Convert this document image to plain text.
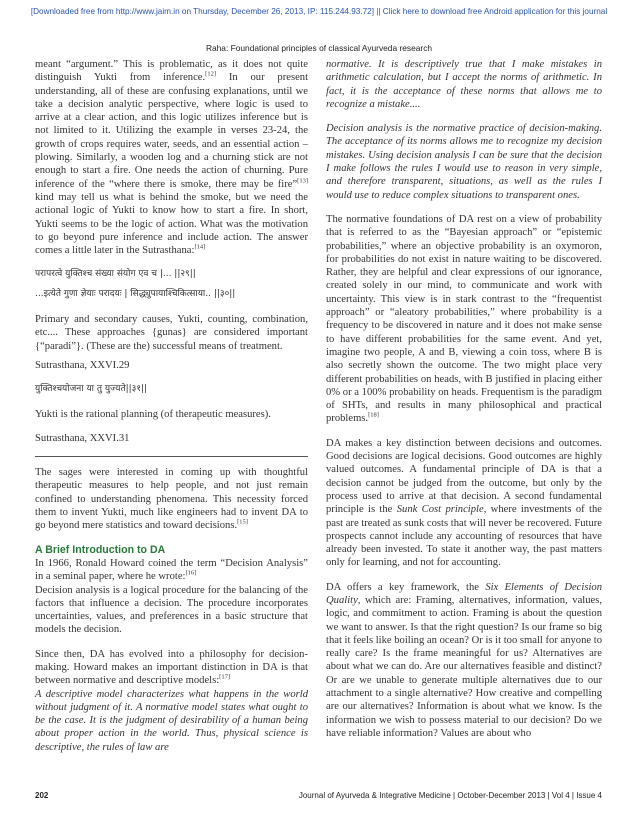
[Downloaded free from http://www.jaim.in on Thursday, December 26, 2013, IP: 115.244.93.72] || Click here to download free Android application for this journal
Raha: Foundational principles of classical Ayurveda research

meant “argument.” This is problematic, as it does not quite distinguish Yukti from inference.[12] In our present understanding, all of these are confusing explanations, until we take a decision analytic perspective, where logic is used to arrive at a clear action, and this logic utilizes inference but is not limited to it. Utilizing the example in verses 23-24, the growth of crops requires water, seeds, and an essential action – plowing. Similarly, a wooden log and a churning stick are not enough to start a fire. One needs the action of churning. Pure inference of the “where there is smoke, there may be fire”[13] kind may tell us what is behind the smoke, but we need the actional logic of Yukti to know how to start a fire. In short, Yukti seems to be the logic of action. What was the motivation to go beyond pure inference and include action. The answer comes a little later in the Sutrasthana:[14]

परापरत्वे युक्तिश्च संख्या संयोग एव च |... ||२९||
...इत्येते गुणा ज्ञेयाः परादयः | सिद्ध्युपायाश्चिकित्साया.. ||३०||

Primary and secondary causes, Yukti, counting, combination, etc.... These approaches {gunas} are considered important {“paradi”}. (These are the) successful means of treatment.

Sutrasthana, XXVI.29

युक्तिश्चयोजना या तु युज्यते||३१||

Yukti is the rational planning (of therapeutic measures).

Sutrasthana, XXVI.31

The sages were interested in coming up with thoughtful therapeutic measures to help people, and not just remain confined to understanding phenomena. This necessity forced them to invent Yukti, much like engineers had to invent DA to go beyond mere statistics and toward decisions.[15]

A Brief Introduction to DA

In 1966, Ronald Howard coined the term “Decision Analysis” in a seminal paper, where he wrote:[16]

Decision analysis is a logical procedure for the balancing of the factors that influence a decision. The procedure incorporates uncertainties, values, and preferences in a basic structure that models the decision.

Since then, DA has evolved into a philosophy for decision-making. Howard makes an important distinction in DA is that between normative and descriptive models:[17]

A descriptive model characterizes what happens in the world without judgment of it. A normative model states what ought to be the case. It is the judgment of desirability of a human being about proper action in the world. Thus, physical science is descriptive, the rules of law are

normative. It is descriptively true that I make mistakes in arithmetic calculation, but I accept the norms of arithmetic. In fact, it is the acceptance of these norms that allows me to recognize a mistake....

Decision analysis is the normative practice of decision-making. The acceptance of its norms allows me to recognize my decision mistakes. Using decision analysis I can be sure that the decision I make follows the rules I would use to reason in very simple, and therefore transparent, situations, as well as the rules I would use to reduce complex situations to transparent ones.

The normative foundations of DA rest on a view of probability that is referred to as the “Bayesian approach” or “epistemic probabilities,” where an objective probability is an oxymoron, for probabilities do not exist in nature waiting to be discovered. Rather, they are helpful and clear expressions of our ignorance, created solely in our mind, to communicate and work with uncertainty. This view is in stark contrast to the “frequentist approach” or “aleatory probabilities,” where probability is a frequency to be discovered in nature and it does not make sense to have different probabilities for the same event. And yet, imagine two people, A and B, viewing a coin toss, where B is also secretly shown the outcome. The two might place very different probabilities on heads, with B justified in placing either 0% or a 100% probability on heads. Frequentism is the paradigm of SHTs, and results in many philosophical and practical problems.[18]

DA makes a key distinction between decisions and outcomes. Good decisions are logical decisions. Good outcomes are highly valued outcomes. A fundamental principle of DA is that a decision cannot be judged from the outcome, but only by the process used to arrive at that decision. A second fundamental principle is the Sunk Cost principle, where investments of the past are treated as sunk costs that will never be recovered. Future prospects cannot include any accounting of resources that have already been invested. To state it another way, the past matters only for learning, and not for accounting.

DA offers a key framework, the Six Elements of Decision Quality, which are: Framing, alternatives, information, values, logic, and commitment to action. Framing is about the question we want to answer. Is that the right question? Is our frame so big that it feels like boiling an ocean? Or is it too small for anyone to really care? Is the frame meaningful for us? Alternatives are about what we can do. Are our alternatives feasible and distinct? Or are we unable to generate multiple alternatives due to our attachment to a single alternative? How creative and compelling are our alternatives? Information is about what we know. Is the information we wish to possess material to our decision? Do we have reliable information? Values are about who

202	Journal of Ayurveda & Integrative Medicine | October-December 2013 | Vol 4 | Issue 4
